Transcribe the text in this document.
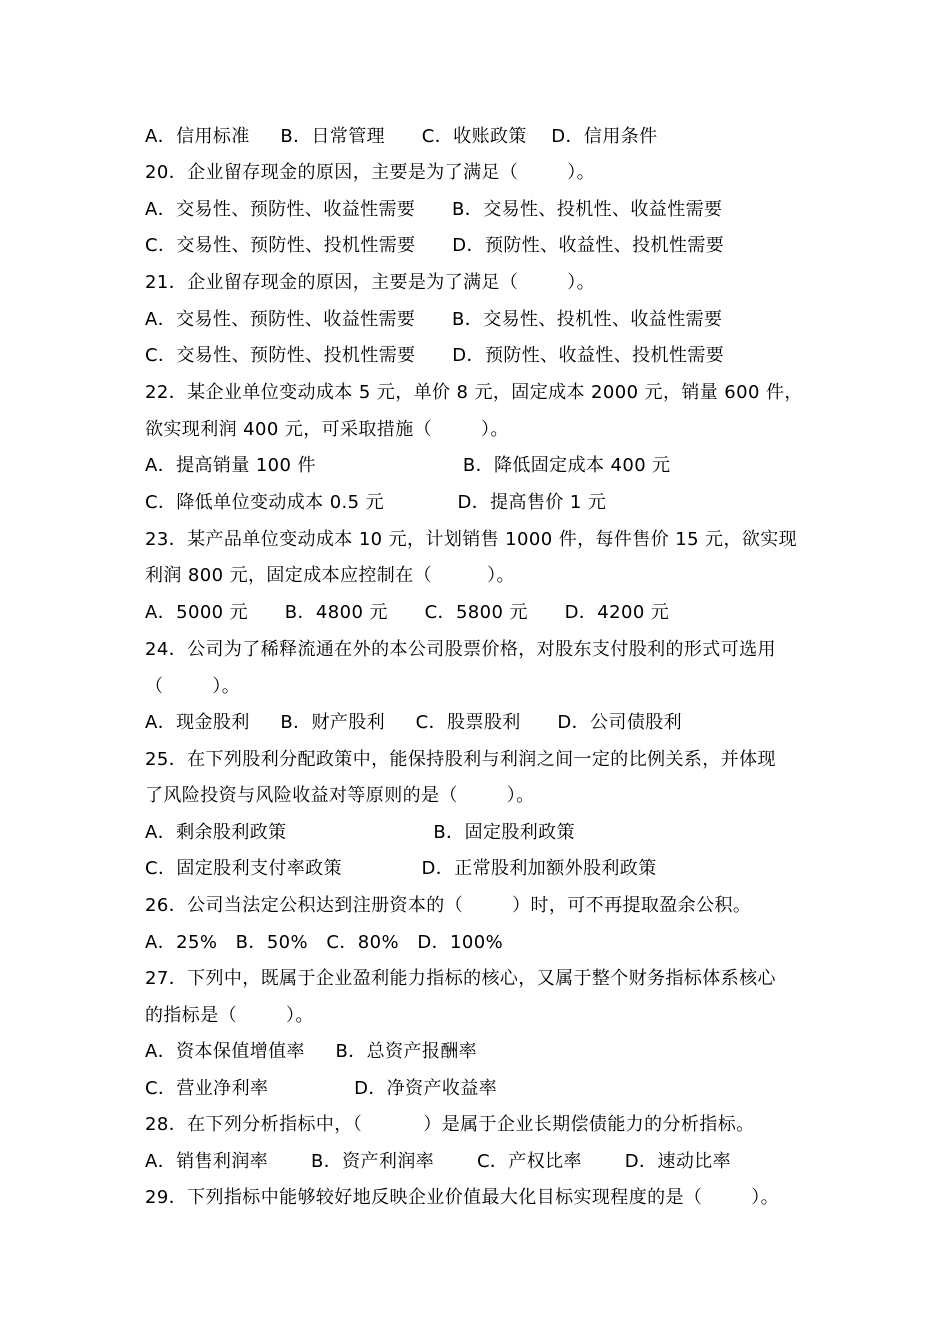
A．信用标准     B．日常管理      C．收账政策    D．信用条件
20．企业留存现金的原因，主要是为了满足（        ）。
A．交易性、预防性、收益性需要      B．交易性、投机性、收益性需要
C．交易性、预防性、投机性需要      D．预防性、收益性、投机性需要
21．企业留存现金的原因，主要是为了满足（        ）。
A．交易性、预防性、收益性需要      B．交易性、投机性、收益性需要
C．交易性、预防性、投机性需要      D．预防性、收益性、投机性需要
22．某企业单位变动成本 5 元，单价 8 元，固定成本 2000 元，销量 600 件，
欲实现利润 400 元，可采取措施（        ）。
A．提高销量 100 件                        B．降低固定成本 400 元
C．降低单位变动成本 0.5 元            D．提高售价 1 元
23．某产品单位变动成本 10 元，计划销售 1000 件，每件售价 15 元，欲实现
利润 800 元，固定成本应控制在（         ）。
A．5000 元      B．4800 元      C．5800 元      D．4200 元
24．公司为了稀释流通在外的本公司股票价格，对股东支付股利的形式可选用
（        ）。
A．现金股利     B．财产股利     C．股票股利      D．公司债股利
25．在下列股利分配政策中，能保持股利与利润之间一定的比例关系，并体现
了风险投资与风险收益对等原则的是（        ）。
A．剩余股利政策                        B．固定股利政策
C．固定股利支付率政策             D．正常股利加额外股利政策
26．公司当法定公积达到注册资本的（        ）时，可不再提取盈余公积。
A．25%   B．50%   C．80%   D．100%
27．下列中，既属于企业盈利能力指标的核心，又属于整个财务指标体系核心
的指标是（        ）。
A．资本保值增值率     B．总资产报酬率
C．营业净利率              D．净资产收益率
28．在下列分析指标中，（          ）是属于企业长期偿债能力的分析指标。
A．销售利润率       B．资产利润率       C．产权比率       D．速动比率
29．下列指标中能够较好地反映企业价值最大化目标实现程度的是（        ）。
